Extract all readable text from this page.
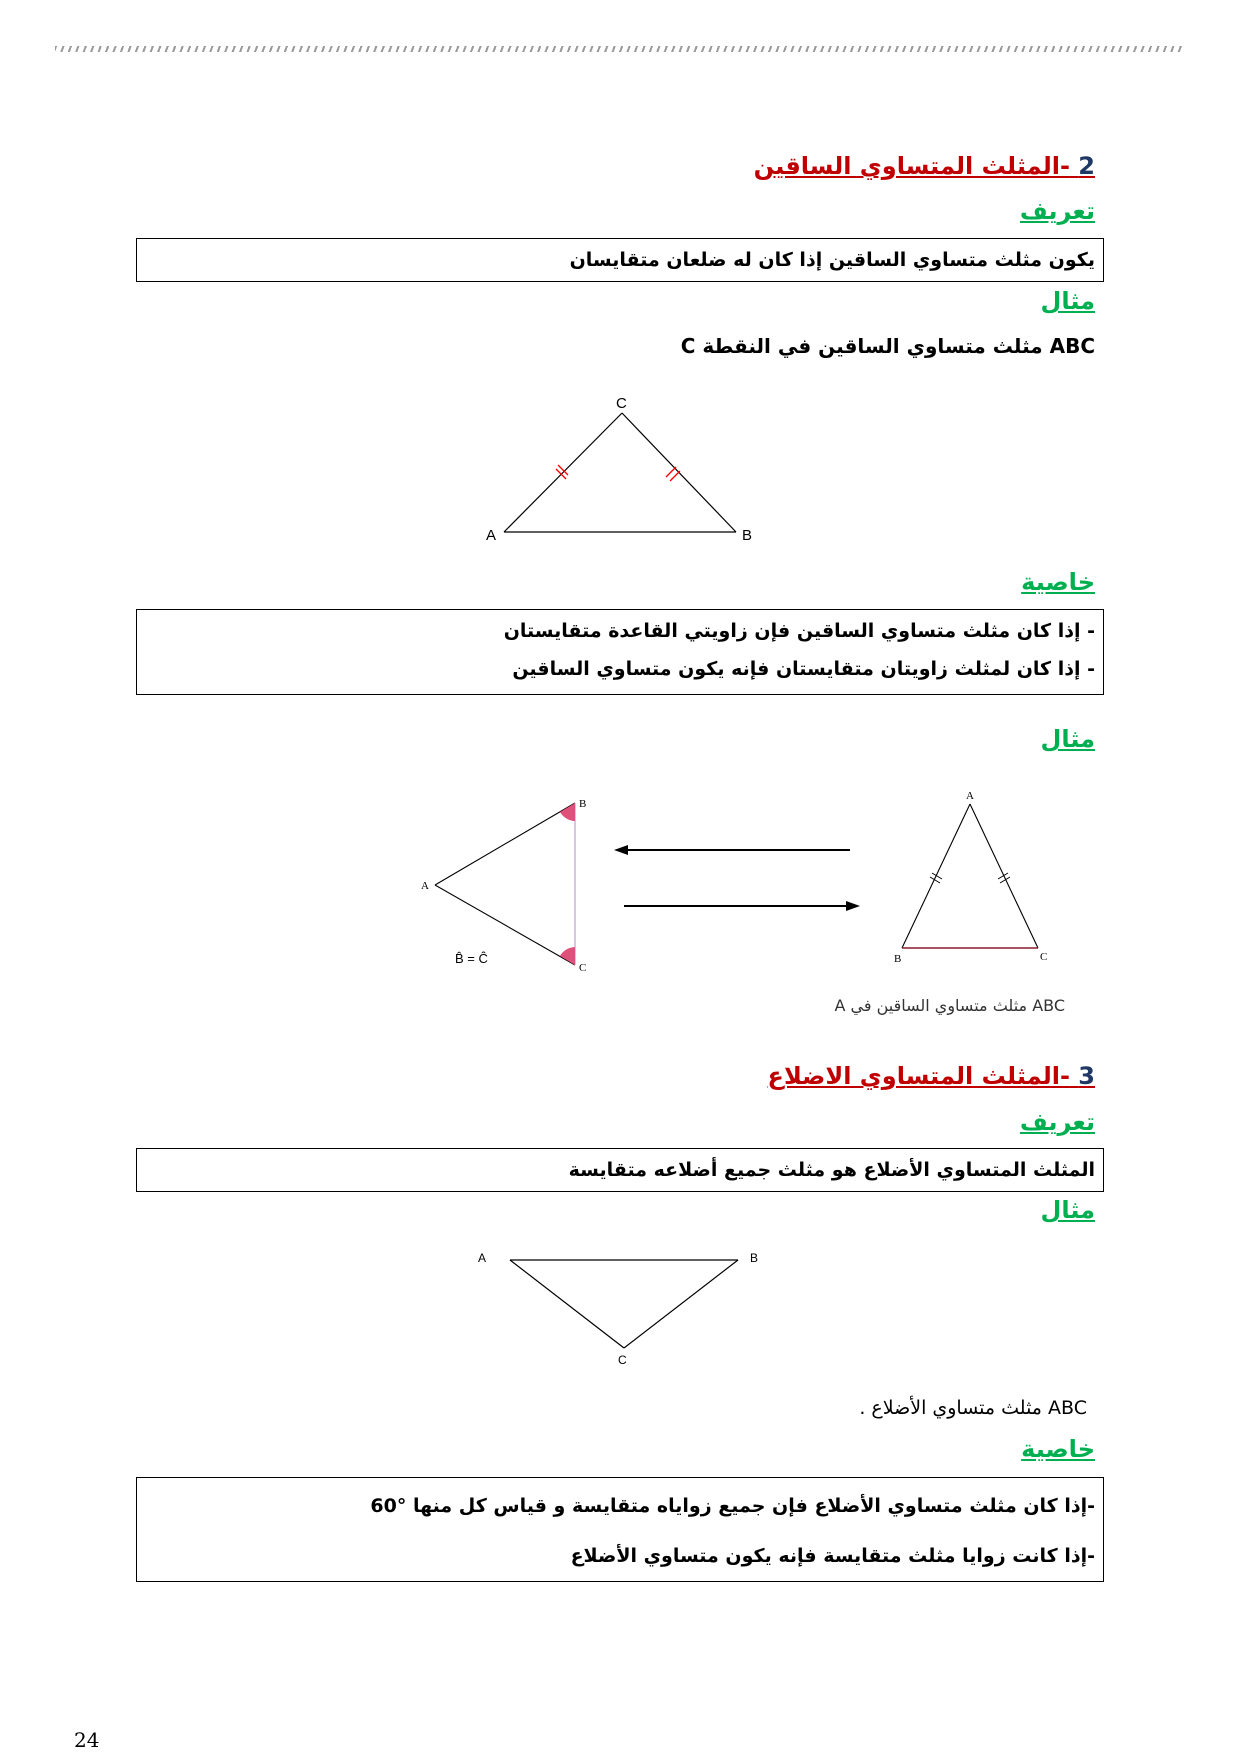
2 -المثلث المتساوي الساقين
تعريف
يكون مثلث متساوي الساقين إذا كان له ضلعان متقايسان
مثال
ABC مثلث متساوي الساقين في النقطة C
A	B
C
خاصية
- إذا كان مثلث متساوي الساقين فإن زاويتي القاعدة متقايستان
- إذا كان لمثلث زاويتان متقايستان فإنه يكون متساوي الساقين
مثال
A
B
C
B̂ = Ĉ
A
B	C
ABC مثلث متساوي الساقين في A
3 -المثلث المتساوي الاضلاع
تعريف
المثلث المتساوي الأضلاع هو مثلث جميع أضلاعه متقايسة
مثال
A	B
C
ABC مثلث متساوي الأضلاع .
خاصية
-إذا كان مثلث متساوي الأضلاع فإن جميع زواياه متقايسة و قياس كل منها °60
-إذا كانت زوايا مثلث متقايسة فإنه يكون متساوي الأضلاع
24
